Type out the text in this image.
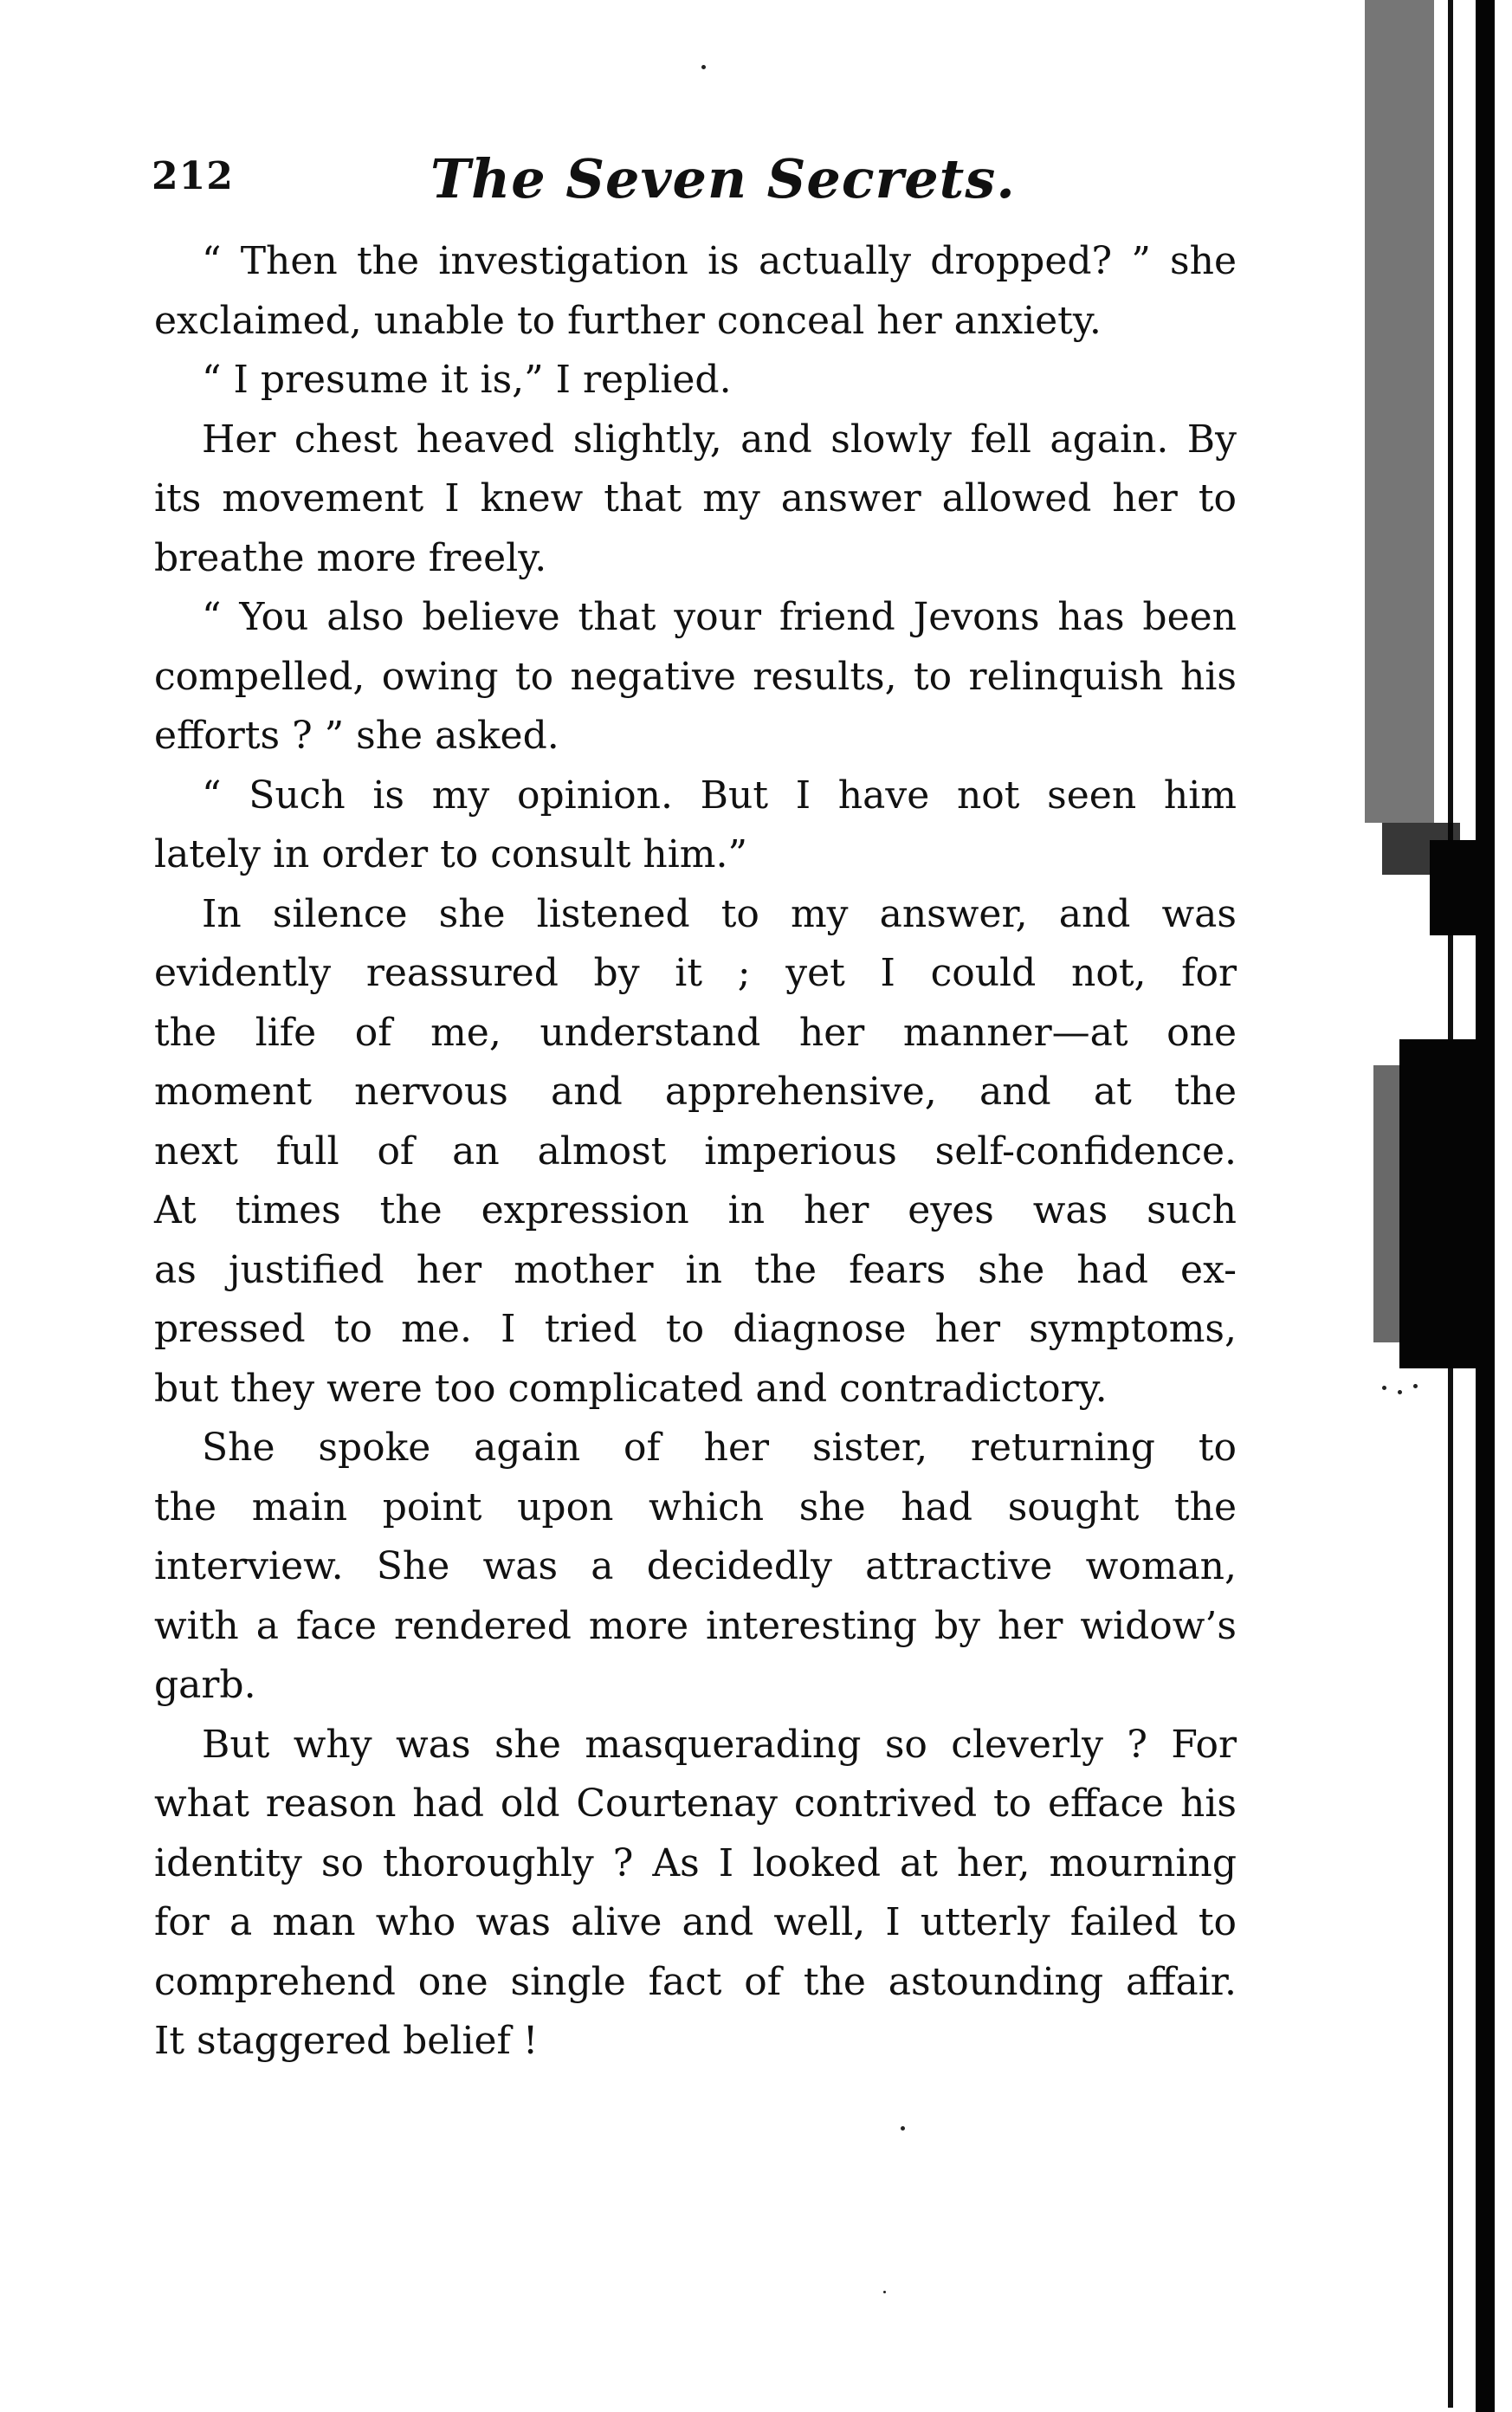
212	The Seven Secrets.
“ Then the investigation is actually dropped? ” she
exclaimed, unable to further conceal her anxiety.
“ I presume it is,” I replied.
Her chest heaved slightly, and slowly fell again. By
its movement I knew that my answer allowed her to
breathe more freely.
“ You also believe that your friend Jevons has been
compelled, owing to negative results, to relinquish his
efforts ? ” she asked.
“ Such is my opinion. But I have not seen him
lately in order to consult him.”
In silence she listened to my answer, and was
evidently reassured by it ; yet I could not, for
the life of me, understand her manner—at one
moment nervous and apprehensive, and at the
next full of an almost imperious self-confidence.
At times the expression in her eyes was such
as justified her mother in the fears she had ex-
pressed to me. I tried to diagnose her symptoms,
but they were too complicated and contradictory.
She spoke again of her sister, returning to
the main point upon which she had sought the
interview. She was a decidedly attractive woman,
with a face rendered more interesting by her widow’s
garb.
But why was she masquerading so cleverly ? For
what reason had old Courtenay contrived to efface his
identity so thoroughly ? As I looked at her, mourning
for a man who was alive and well, I utterly failed to
comprehend one single fact of the astounding affair.
It staggered belief !
